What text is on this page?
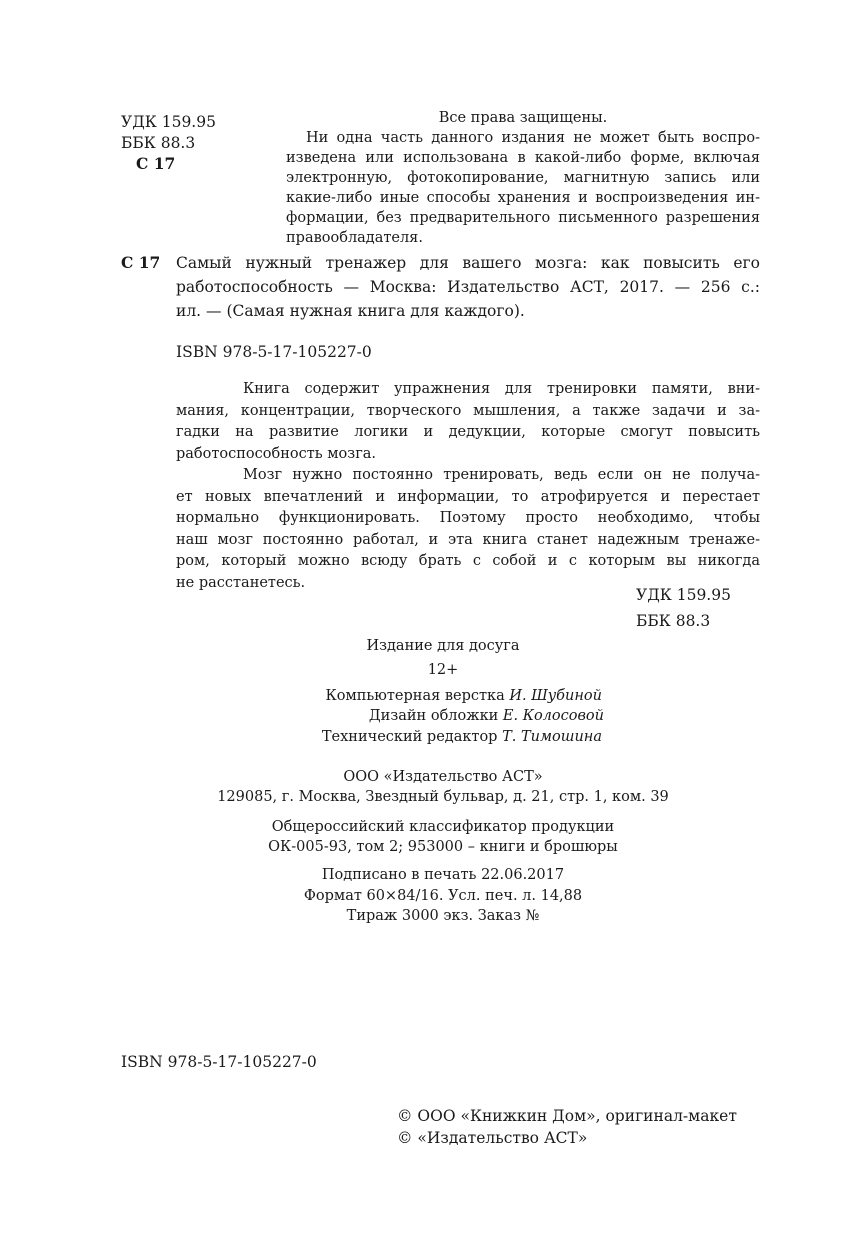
УДК 159.95
ББК 88.3
С 17
Все права защищены.
Ни одна часть данного издания не может быть воспро-
изведена или использована в какой-либо форме, включая
электронную, фотокопирование, магнитную запись или
какие-либо иные способы хранения и воспроизведения ин-
формации, без предварительного письменного разрешения
правообладателя.
С 17 Самый нужный тренажер для вашего мозга: как повысить его
работоспособность — Москва: Издательство АСТ, 2017. — 256 с.:
ил. — (Самая нужная книга для каждого).
ISBN 978-5-17-105227-0
Книга содержит упражнения для тренировки памяти, вни-
мания, концентрации, творческого мышления, а также задачи и за-
гадки на развитие логики и дедукции, которые смогут повысить
работоспособность мозга.
Мозг нужно постоянно тренировать, ведь если он не получа-
ет новых впечатлений и информации, то атрофируется и перестает
нормально функционировать. Поэтому просто необходимо, чтобы
наш мозг постоянно работал, и эта книга станет надежным тренаже-
ром, который можно всюду брать с собой и с которым вы никогда
не расстанетесь.
УДК 159.95
ББК 88.3
Издание для досуга
12+
Компьютерная верстка И. Шубиной
Дизайн обложки Е. Колосовой
Технический редактор Т. Тимошина
ООО «Издательство АСТ»
129085, г. Москва, Звездный бульвар, д. 21, стр. 1, ком. 39
Общероссийский классификатор продукции
ОК-005-93, том 2; 953000 – книги и брошюры
Подписано в печать 22.06.2017
Формат 60×84/16. Усл. печ. л. 14,88
Тираж 3000 экз. Заказ №
ISBN 978-5-17-105227-0
© ООО «Книжкин Дом», оригинал-макет
© «Издательство АСТ»
